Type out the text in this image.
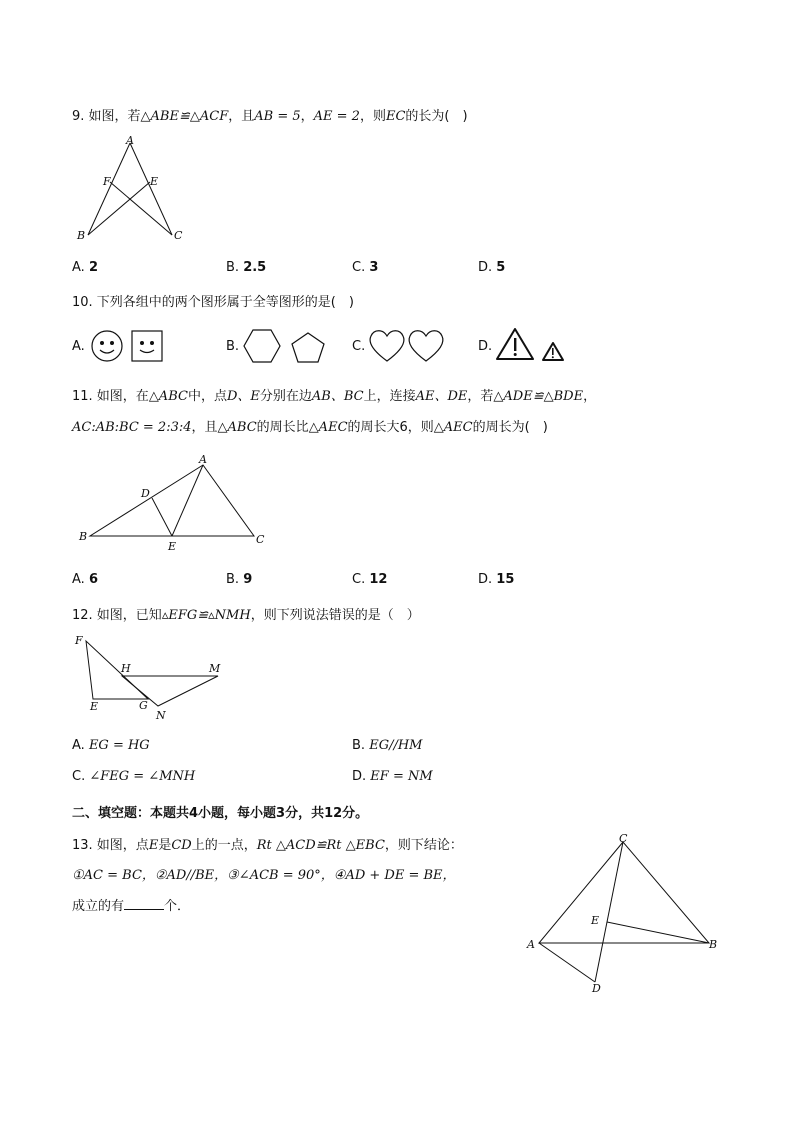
9. 如图，若△ABE≌△ACF，且AB = 5，AE = 2，则EC的长为(　)
A
F	E
B	C
A. 2	B. 2.5	C. 3	D. 5
10. 下列各组中的两个图形属于全等图形的是(　)
A.	B.	C.	D.
11. 如图，在△ABC中，点D、E分别在边AB、BC上，连接AE、DE，若△ADE≌△BDE，
AC:AB:BC = 2:3:4，且△ABC的周长比△AEC的周长大6，则△AEC的周长为(　)
A
D
B
E
C
A. 6	B. 9	C. 12	D. 15
12. 如图，已知▵EFG≌▵NMH，则下列说法错误的是（　）
F
H	M
E	G
N
A. EG = HG	B. EG//HM
C. ∠FEG = ∠MNH	D. EF = NM
二、填空题：本题共4小题，每小题3分，共12分。
13. 如图，点E是CD上的一点，Rt △ACD≌Rt △EBC，则下结论：
①AC = BC，②AD//BE，③∠ACB = 90°，④AD + DE = BE，
成立的有	个．
C
E
A	B
D
